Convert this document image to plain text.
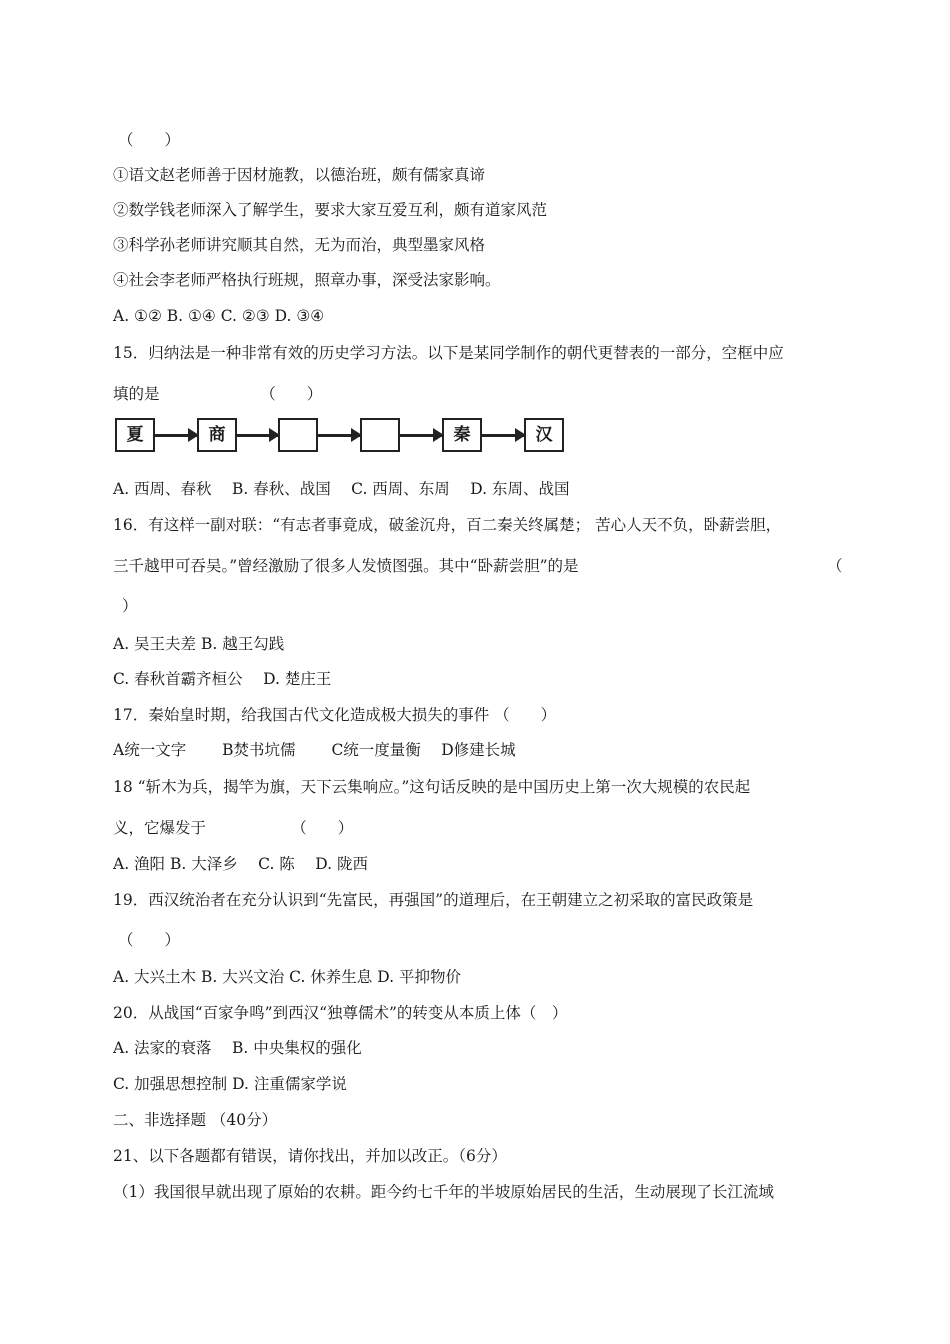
（　　）
①语文赵老师善于因材施教，以德治班，颇有儒家真谛
②数学钱老师深入了解学生，要求大家互爱互利，颇有道家风范
③科学孙老师讲究顺其自然，无为而治，典型墨家风格
④社会李老师严格执行班规，照章办事，深受法家影响。
A. ①② B. ①④ C. ②③ D. ③④
15．归纳法是一种非常有效的历史学习方法。以下是某同学制作的朝代更替表的一部分，空框中应
填的是　　　　　　　（　　）
夏	商	秦	汉
A. 西周、春秋　 B. 春秋、战国　 C. 西周、东周　 D. 东周、战国
16．有这样一副对联：“有志者事竟成，破釜沉舟，百二秦关终属楚； 苦心人天不负，卧薪尝胆，
三千越甲可吞吴。”曾经激励了很多人发愤图强。其中“卧薪尝胆”的是	（
）
A. 吴王夫差 B. 越王勾践
C. 春秋首霸齐桓公　 D. 楚庄王
17．秦始皇时期，给我国古代文化造成极大损失的事件 （　　）
A统一文字　　 B焚书坑儒　　 C统一度量衡　 D修建长城
18 “斩木为兵，揭竿为旗，天下云集响应。”这句话反映的是中国历史上第一次大规模的农民起
义，它爆发于　　　　　　（　　）
A. 渔阳 B. 大泽乡　 C. 陈　 D. 陇西
19．西汉统治者在充分认识到“先富民，再强国”的道理后，在王朝建立之初采取的富民政策是
（　　）
A. 大兴土木 B. 大兴文治 C. 休养生息 D. 平抑物价
20．从战国“百家争鸣”到西汉“独尊儒术”的转变从本质上体（　）
A. 法家的衰落　 B. 中央集权的强化
C. 加强思想控制 D. 注重儒家学说
二、非选择题 （40分）
21、以下各题都有错误，请你找出，并加以改正。（6分）
（1）我国很早就出现了原始的农耕。距今约七千年的半坡原始居民的生活，生动展现了长江流域
